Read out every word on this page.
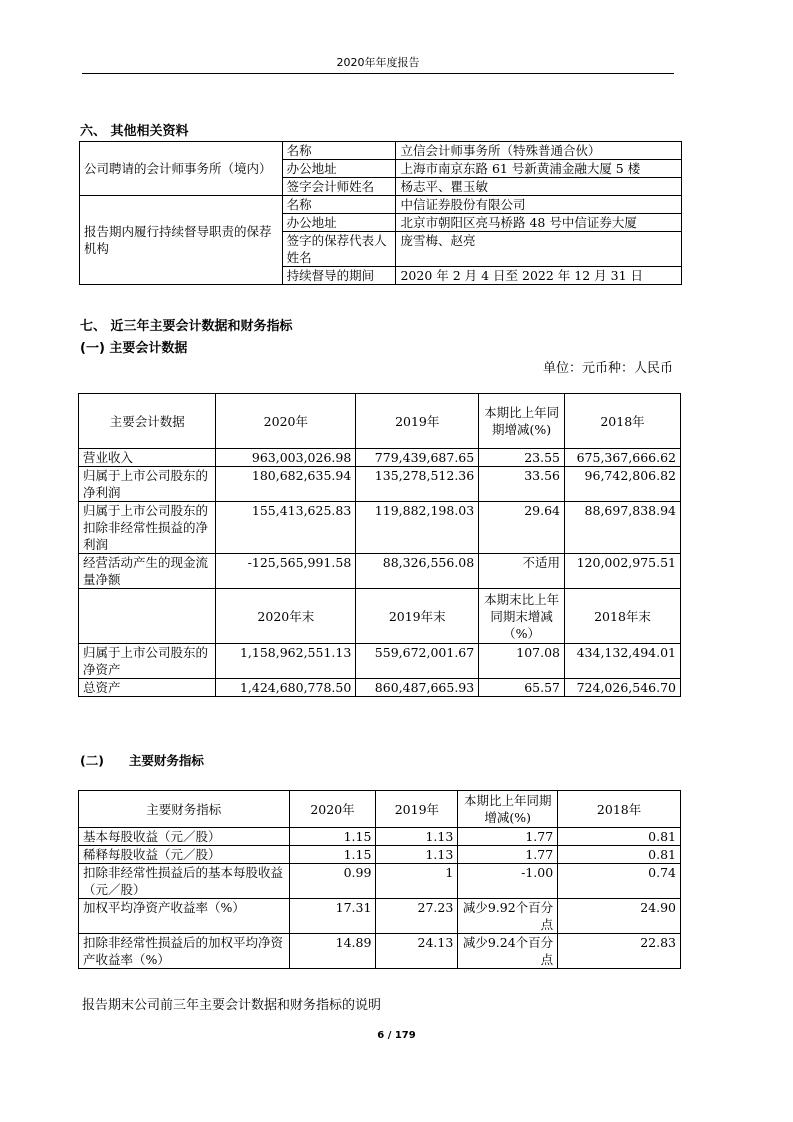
2020年年度报告
六、 其他相关资料
公司聘请的会计师事务所（境内）	名称	立信会计师事务所（特殊普通合伙）
	办公地址	上海市南京东路 61 号新黄浦金融大厦 5 楼
	签字会计师姓名	杨志平、瞿玉敏
报告期内履行持续督导职责的保荐机构	名称	中信证券股份有限公司
	办公地址	北京市朝阳区亮马桥路 48 号中信证券大厦
	签字的保荐代表人姓名	庞雪梅、赵亮
	持续督导的期间	2020 年 2 月 4 日至 2022 年 12 月 31 日
七、 近三年主要会计数据和财务指标
(一) 主要会计数据
单位：元币种：人民币
主要会计数据	2020年	2019年	本期比上年同期增减(%)	2018年
营业收入	963,003,026.98	779,439,687.65	23.55	675,367,666.62
归属于上市公司股东的净利润	180,682,635.94	135,278,512.36	33.56	96,742,806.82
归属于上市公司股东的扣除非经常性损益的净利润	155,413,625.83	119,882,198.03	29.64	88,697,838.94
经营活动产生的现金流量净额	-125,565,991.58	88,326,556.08	不适用	120,002,975.51
	2020年末	2019年末	本期末比上年同期末增减（%）	2018年末
归属于上市公司股东的净资产	1,158,962,551.13	559,672,001.67	107.08	434,132,494.01
总资产	1,424,680,778.50	860,487,665.93	65.57	724,026,546.70
(二)　　主要财务指标
主要财务指标	2020年	2019年	本期比上年同期增减(%)	2018年
基本每股收益（元／股）	1.15	1.13	1.77	0.81
稀释每股收益（元／股）	1.15	1.13	1.77	0.81
扣除非经常性损益后的基本每股收益（元／股）	0.99	1	-1.00	0.74
加权平均净资产收益率（%）	17.31	27.23	减少9.92个百分点	24.90
扣除非经常性损益后的加权平均净资产收益率（%）	14.89	24.13	减少9.24个百分点	22.83
报告期末公司前三年主要会计数据和财务指标的说明
6 / 179
